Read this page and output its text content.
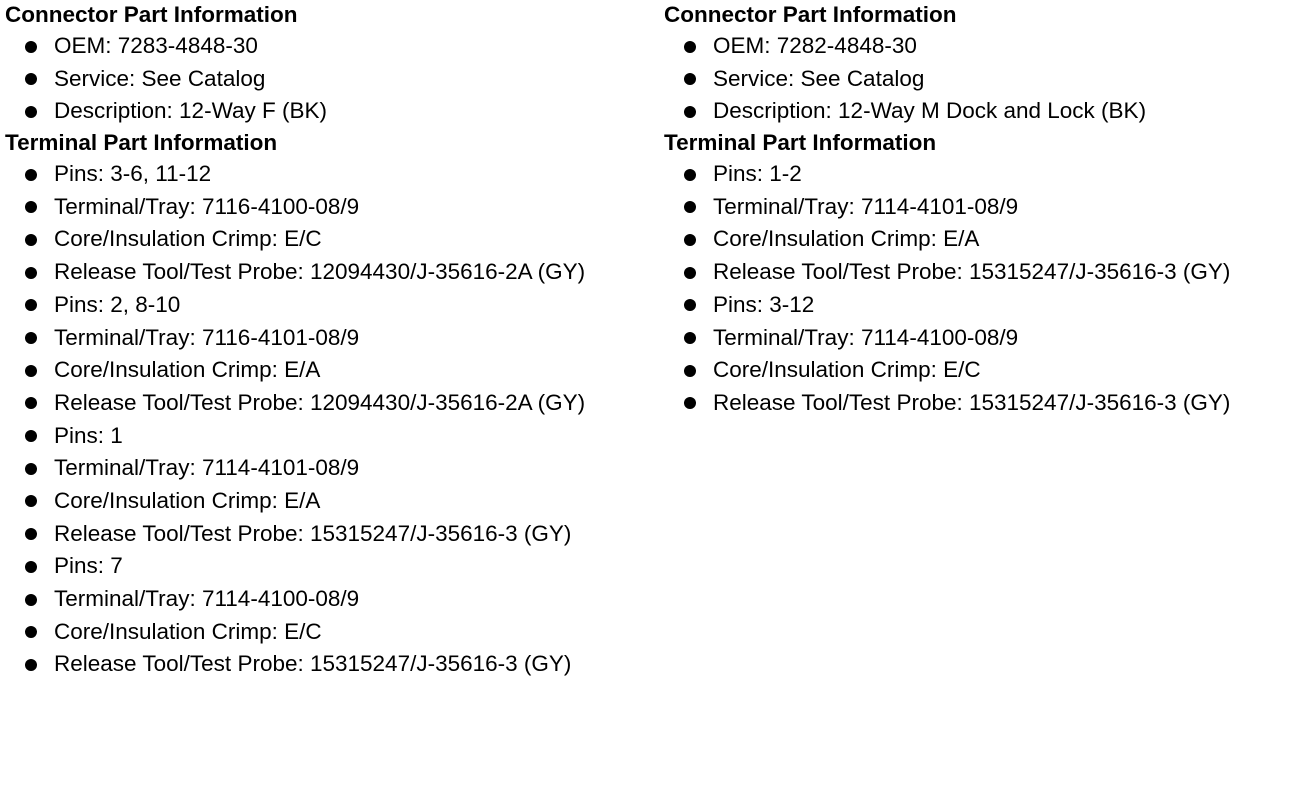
Connector Part Information
OEM: 7283-4848-30
Service: See Catalog
Description: 12-Way F (BK)
Terminal Part Information
Pins: 3-6, 11-12
Terminal/Tray: 7116-4100-08/9
Core/Insulation Crimp: E/C
Release Tool/Test Probe: 12094430/J-35616-2A (GY)
Pins: 2, 8-10
Terminal/Tray: 7116-4101-08/9
Core/Insulation Crimp: E/A
Release Tool/Test Probe: 12094430/J-35616-2A (GY)
Pins: 1
Terminal/Tray: 7114-4101-08/9
Core/Insulation Crimp: E/A
Release Tool/Test Probe: 15315247/J-35616-3 (GY)
Pins: 7
Terminal/Tray: 7114-4100-08/9
Core/Insulation Crimp: E/C
Release Tool/Test Probe: 15315247/J-35616-3 (GY)
Connector Part Information
OEM: 7282-4848-30
Service: See Catalog
Description: 12-Way M Dock and Lock (BK)
Terminal Part Information
Pins: 1-2
Terminal/Tray: 7114-4101-08/9
Core/Insulation Crimp: E/A
Release Tool/Test Probe: 15315247/J-35616-3 (GY)
Pins: 3-12
Terminal/Tray: 7114-4100-08/9
Core/Insulation Crimp: E/C
Release Tool/Test Probe: 15315247/J-35616-3 (GY)
